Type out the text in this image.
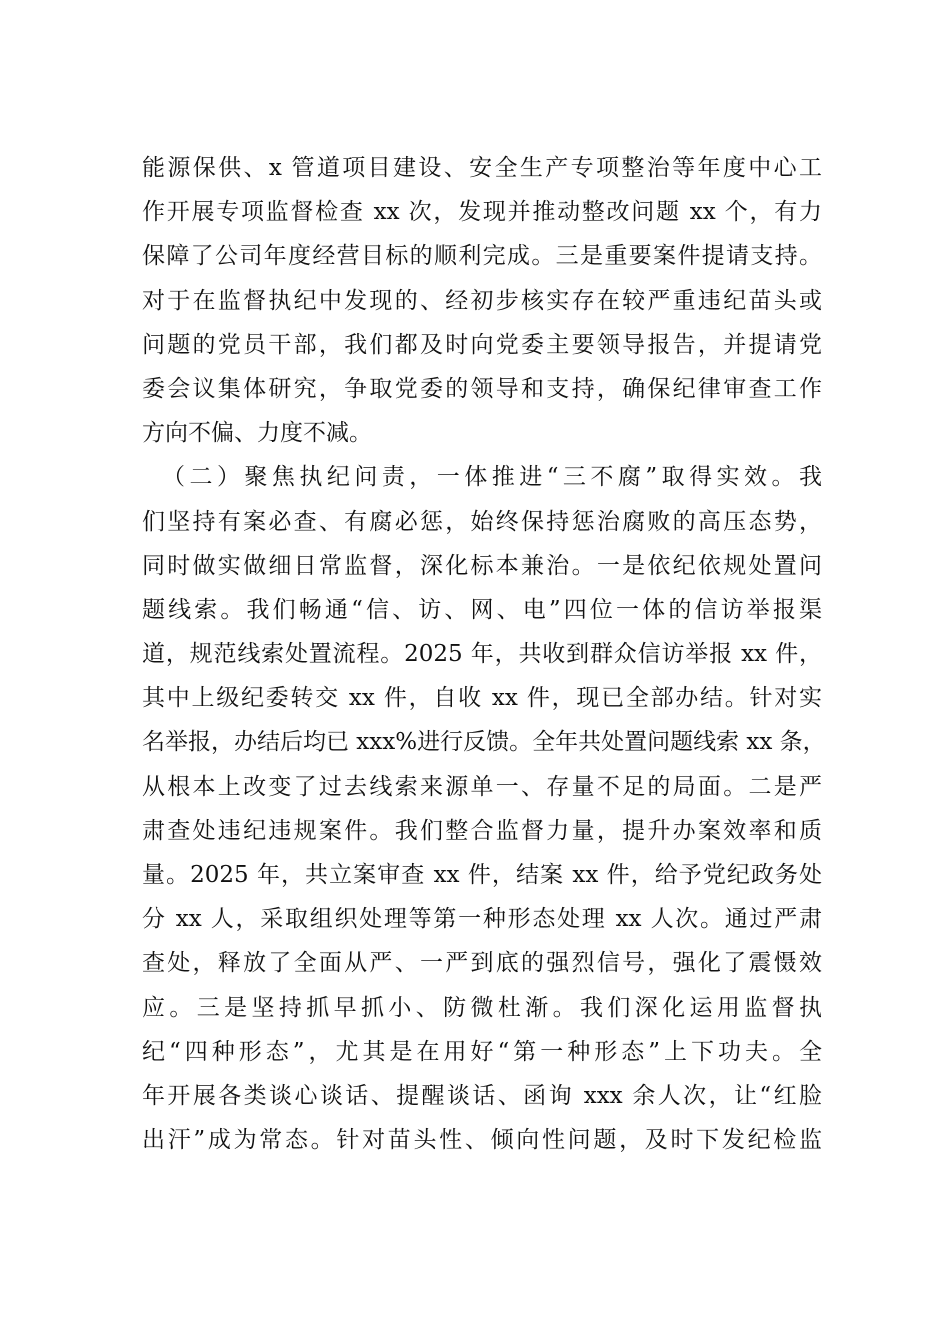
能源保供、x 管道项目建设、安全生产专项整治等年度中心工
作开展专项监督检查 xx 次，发现并推动整改问题 xx 个，有力
保障了公司年度经营目标的顺利完成。三是重要案件提请支持。
对于在监督执纪中发现的、经初步核实存在较严重违纪苗头或
问题的党员干部，我们都及时向党委主要领导报告，并提请党
委会议集体研究，争取党委的领导和支持，确保纪律审查工作
方向不偏、力度不减。
（二）聚焦执纪问责，一体推进“三不腐”取得实效。我
们坚持有案必查、有腐必惩，始终保持惩治腐败的高压态势，
同时做实做细日常监督，深化标本兼治。一是依纪依规处置问
题线索。我们畅通“信、访、网、电”四位一体的信访举报渠
道，规范线索处置流程。2025 年，共收到群众信访举报 xx 件，
其中上级纪委转交 xx 件，自收 xx 件，现已全部办结。针对实
名举报，办结后均已 xxx%进行反馈。全年共处置问题线索 xx 条，
从根本上改变了过去线索来源单一、存量不足的局面。二是严
肃查处违纪违规案件。我们整合监督力量，提升办案效率和质
量。2025 年，共立案审查 xx 件，结案 xx 件，给予党纪政务处
分 xx 人，采取组织处理等第一种形态处理 xx 人次。通过严肃
查处，释放了全面从严、一严到底的强烈信号，强化了震慑效
应。三是坚持抓早抓小、防微杜渐。我们深化运用监督执
纪“四种形态”，尤其是在用好“第一种形态”上下功夫。全
年开展各类谈心谈话、提醒谈话、函询 xxx 余人次，让“红脸
出汗”成为常态。针对苗头性、倾向性问题，及时下发纪检监
